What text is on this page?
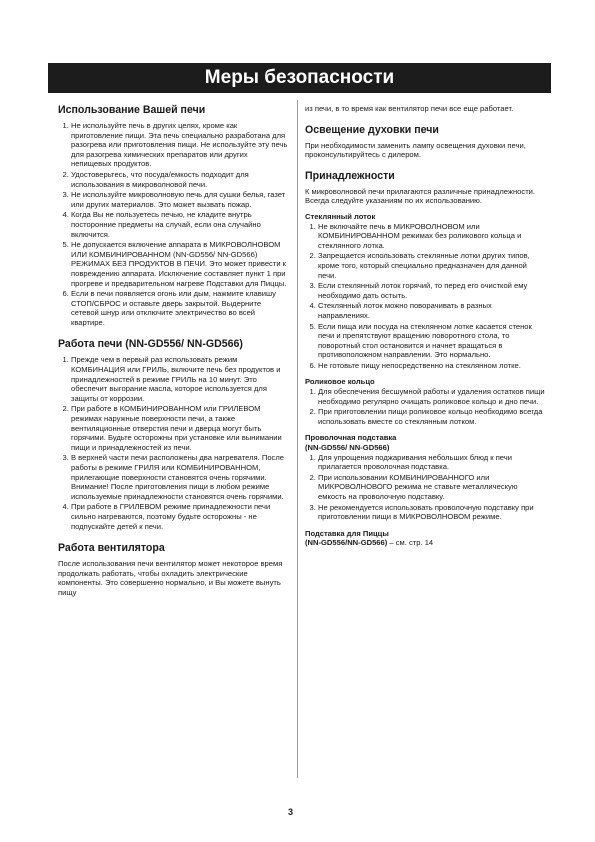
Меры безопасности
Использование Вашей печи
1. Не используйте печь в других целях, кроме как приготовление пищи. Эта печь специально разработана для разогрева или приготовления пищи. Не используйте эту печь для разогрева химических препаратов или других непищевых продуктов.
2. Удостоверьтесь, что посуда/емкость подходит для использования в микроволновой печи.
3. Не используйте микроволновую печь для сушки белья, газет или других материалов. Это может вызвать пожар.
4. Когда Вы не пользуетесь печью, не кладите внутрь посторонние предметы на случай, если она случайно включится.
5. Не допускается включение аппарата в МИКРОВОЛНОВОМ ИЛИ КОМБИНИРОВАННОМ (NN-GD556/ NN-GD566) РЕЖИМАХ БЕЗ ПРОДУКТОВ В ПЕЧИ. Это может привести к повреждению аппарата. Исключение составляет пункт 1 при прогреве и предварительном нагреве Подставки для Пиццы.
6. Если в печи появляется огонь или дым, нажмите клавишу СТОП/СБРОС и оставьте дверь закрытой. Выдерните сетевой шнур или отключите электричество во всей квартире.
Работа печи (NN-GD556/ NN-GD566)
1. Прежде чем в первый раз использовать режим КОМБИНАЦИЯ или ГРИЛЬ, включите печь без продуктов и принадлежностей в режиме ГРИЛЬ на 10 минут. Это обеспечит выгорание масла, которое используется для защиты от коррозии.
2. При работе в КОМБИНИРОВАННОМ или ГРИЛЕВОМ режимах наружные поверхности печи, а также вентиляционные отверстия печи и дверца могут быть горячими. Будьте осторожны при установке или вынимании пищи и принадлежностей из печи.
3. В верхней части печи расположены два нагревателя. После работы в режиме ГРИЛЯ или КОМБИНИРОВАННОМ, прилегающие поверхности становятся очень горячими. Внимание! После приготовления пищи в любом режиме используемые принадлежности становятся очень горячими.
4. При работе в ГРИЛЕВОМ режиме принадлежности печи сильно нагреваются, поэтому будьте осторожны - не подпускайте детей к печи.
Работа вентилятора

После использования печи вентилятор может некоторое время продолжать работать, чтобы охладить электрические компоненты. Это совершенно нормально, и Вы можете вынуть пищу

из печи, в то время как вентилятор печи все еще работает.

Освещение духовки печи

При необходимости заменить лампу освещения духовки печи, проконсультируйтесь с дилером.

Принадлежности

К микроволновой печи прилагаются различные принадлежности. Всегда следуйте указаниям по их использованию.

Стеклянный лоток
1. Не включайте печь в МИКРОВОЛНОВОМ или КОМБИНИРОВАННОМ режимах без роликового кольца и стеклянного лотка.
2. Запрещается использовать стеклянные лотки других типов, кроме того, который специально предназначен для данной печи.
3. Если стеклянный лоток горячий, то перед его очисткой ему необходимо дать остыть.
4. Стеклянный лоток можно поворачивать в разных направлениях.
5. Если пища или посуда на стеклянном лотке касается стенок печи и препятствуют вращению поворотного стола, то поворотный стол остановится и начнет вращаться в противоположном направлении. Это нормально.
6. Не готовьте пищу непосредственно на стеклянном лотке.
Роликовое кольцо
1. Для обеспечения бесшумной работы и удаления остатков пищи необходимо регулярно очищать роликовое кольцо и дно печи.
2. При приготовлении пищи роликовое кольцо необходимо всегда использовать вместе со стеклянным лотком.
Проволочная подставка
(NN-GD556/ NN-GD566)
1. Для упрощения поджаривания небольших блюд к печи прилагается проволочная подставка.
2. При использовании КОМБИНИРОВАННОГО или МИКРОВОЛНОВОГО режима не ставьте металлическую емкость на проволочную подставку.
3. Не рекомендуется использовать проволочную подставку при приготовлении пищи в МИКРОВОЛНОВОМ режиме.
Подставка для Пиццы

(NN-GD556/NN-GD566) – см. стр. 14

3
